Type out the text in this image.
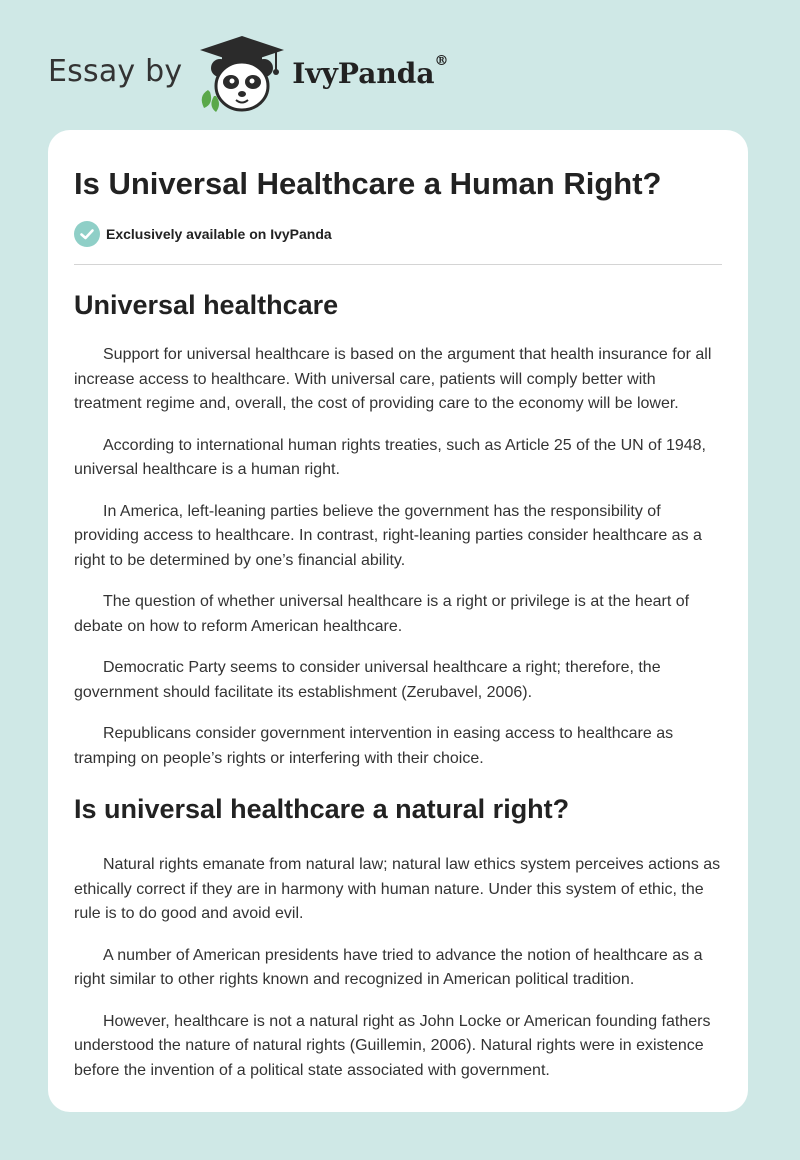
Essay by	IvyPanda®
Is Universal Healthcare a Human Right?
Exclusively available on IvyPanda
Universal healthcare

Support for universal healthcare is based on the argument that health insurance for all increase access to healthcare. With universal care, patients will comply better with treatment regime and, overall, the cost of providing care to the economy will be lower.

According to international human rights treaties, such as Article 25 of the UN of 1948, universal healthcare is a human right.

In America, left-leaning parties believe the government has the responsibility of providing access to healthcare. In contrast, right-leaning parties consider healthcare as a right to be determined by one’s financial ability.

The question of whether universal healthcare is a right or privilege is at the heart of debate on how to reform American healthcare.

Democratic Party seems to consider universal healthcare a right; therefore, the government should facilitate its establishment (Zerubavel, 2006).

Republicans consider government intervention in easing access to healthcare as tramping on people’s rights or interfering with their choice.

Is universal healthcare a natural right?

Natural rights emanate from natural law; natural law ethics system perceives actions as ethically correct if they are in harmony with human nature. Under this system of ethic, the rule is to do good and avoid evil.

A number of American presidents have tried to advance the notion of healthcare as a right similar to other rights known and recognized in American political tradition.

However, healthcare is not a natural right as John Locke or American founding fathers understood the nature of natural rights (Guillemin, 2006). Natural rights were in existence before the invention of a political state associated with government.
